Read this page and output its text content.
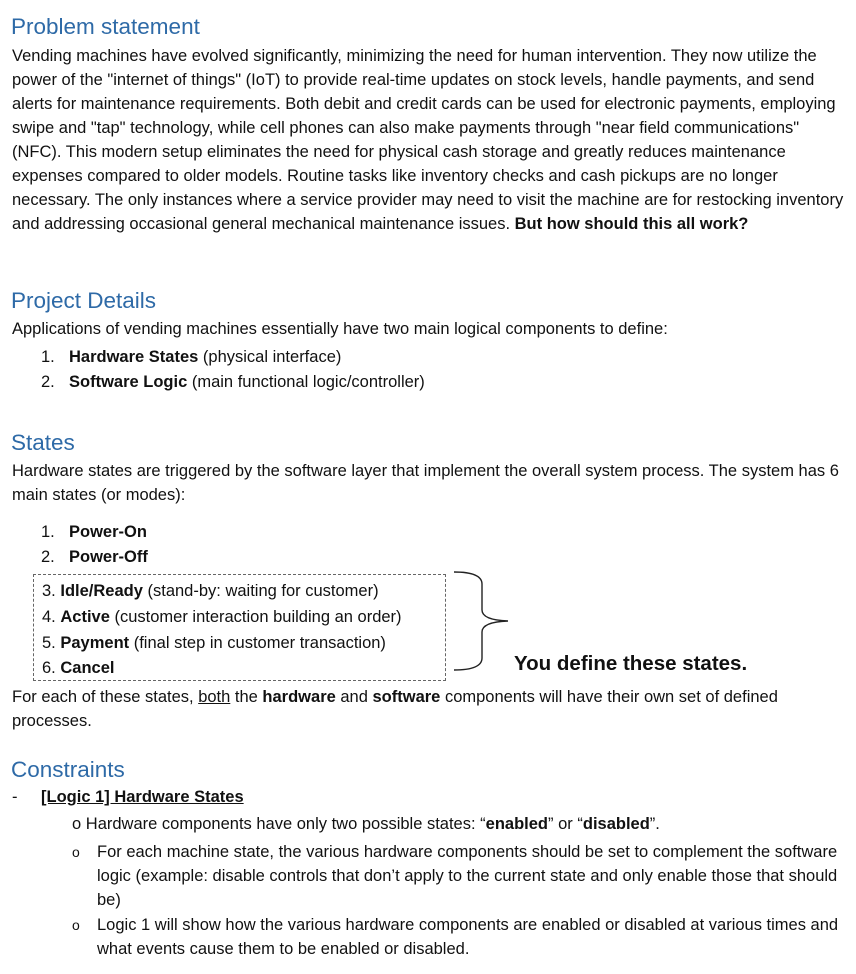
Problem statement

Vending machines have evolved significantly, minimizing the need for human intervention. They now utilize the power of the "internet of things" (IoT) to provide real-time updates on stock levels, handle payments, and send alerts for maintenance requirements. Both debit and credit cards can be used for electronic payments, employing swipe and "tap" technology, while cell phones can also make payments through "near field communications" (NFC). This modern setup eliminates the need for physical cash storage and greatly reduces maintenance expenses compared to older models. Routine tasks like inventory checks and cash pickups are no longer necessary. The only instances where a service provider may need to visit the machine are for restocking inventory and addressing occasional general mechanical maintenance issues. But how should this all work?

Project Details

Applications of vending machines essentially have two main logical components to define:

1. Hardware States (physical interface)
2. Software Logic (main functional logic/controller)
States

Hardware states are triggered by the software layer that implement the overall system process. The system has 6 main states (or modes):

1. Power-On
2. Power-Off
3. Idle/Ready (stand-by: waiting for customer)
4. Active (customer interaction building an order)
5. Payment (final step in customer transaction)
6. Cancel	You define these states.

For each of these states, both the hardware and software components will have their own set of defined processes.

Constraints
- [Logic 1] Hardware States
o Hardware components have only two possible states: “enabled” or “disabled”.
o For each machine state, the various hardware components should be set to complement the software logic (example: disable controls that don’t apply to the current state and only enable those that should be)
o Logic 1 will show how the various hardware components are enabled or disabled at various times and what events cause them to be enabled or disabled.
